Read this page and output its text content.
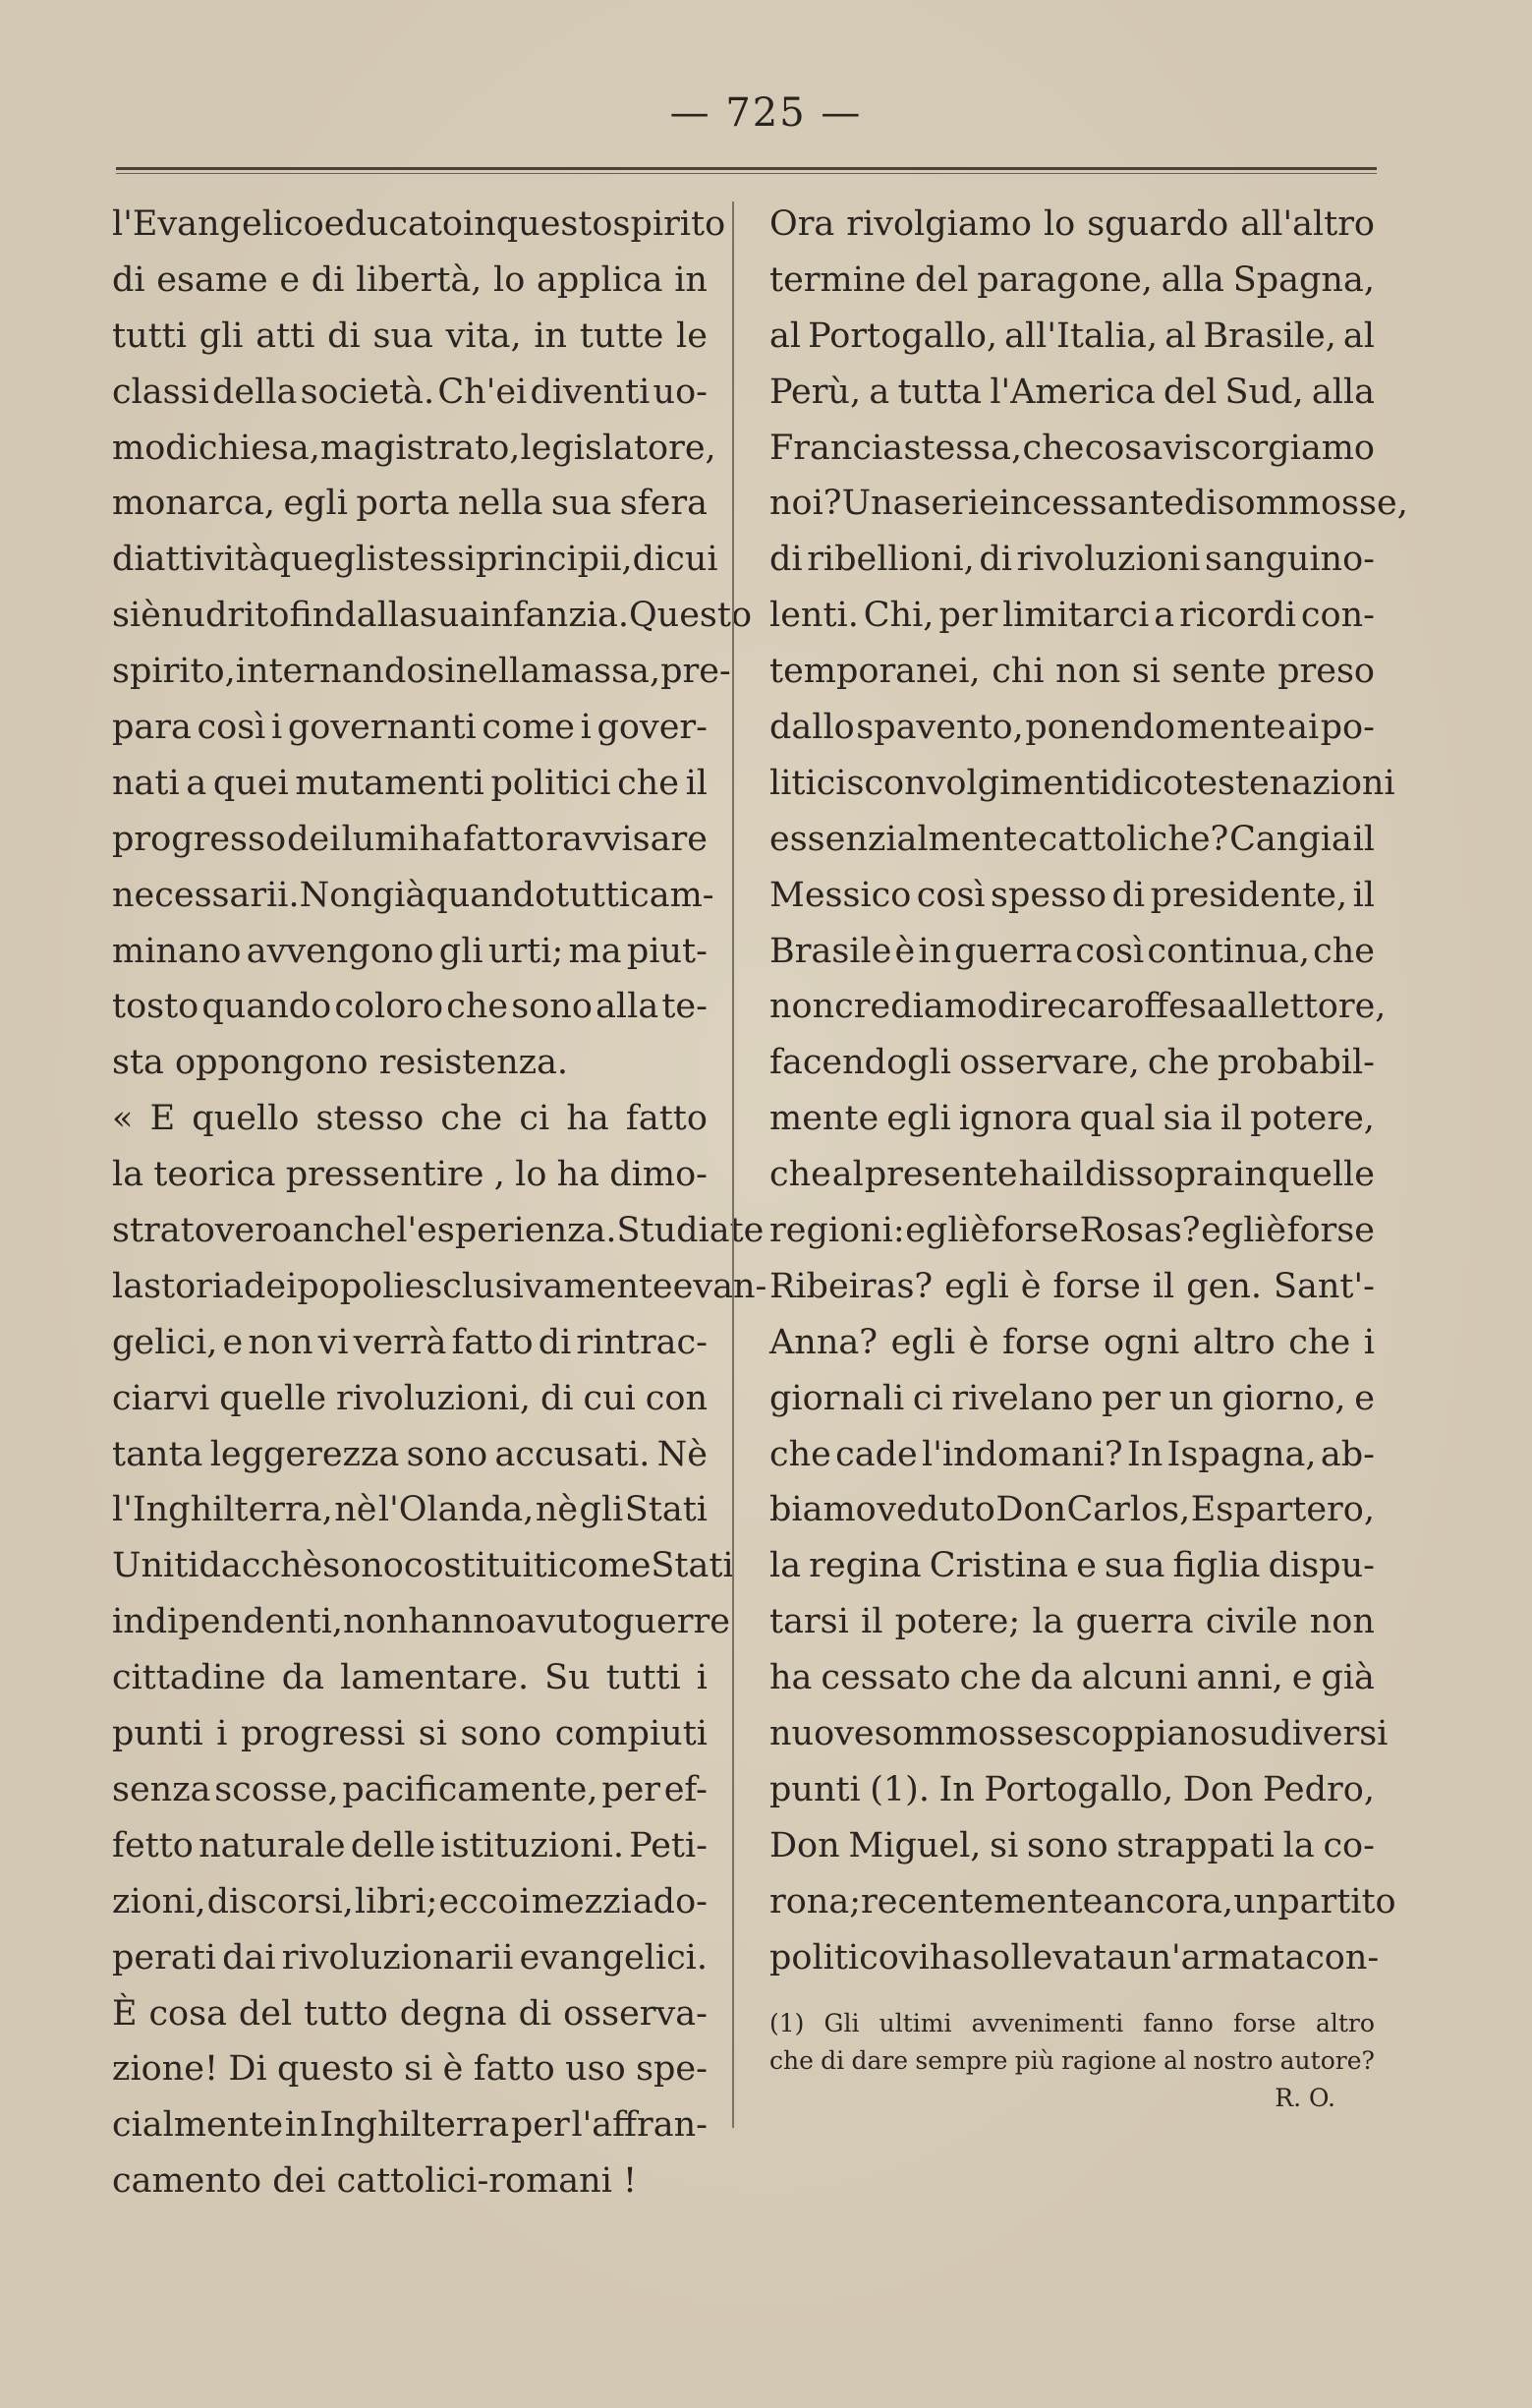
— 725 —
l'Evangelico educato in questo spirito
di esame e di libertà, lo applica in
tutti gli atti di sua vita, in tutte le
classi della società. Ch'ei diventi uo-
mo di chiesa, magistrato, legislatore,
monarca, egli porta nella sua sfera
di attività quegli stessi principii, di cui
si è nudrito fin dalla sua infanzia. Questo
spirito, internandosi nella massa, pre-
para così i governanti come i gover-
nati a quei mutamenti politici che il
progresso dei lumi ha fatto ravvisare
necessarii. Non già quando tutti cam-
minano avvengono gli urti; ma piut-
tosto quando coloro che sono alla te-
sta oppongono resistenza.
« E quello stesso che ci ha fatto
la teorica pressentire , lo ha dimo-
strato vero anche l'esperienza. Studiate
la storia dei popoli esclusivamente evan-
gelici, e non vi verrà fatto di rintrac-
ciarvi quelle rivoluzioni, di cui con
tanta leggerezza sono accusati. Nè
l'Inghilterra, nè l'Olanda, nè gli Stati
Uniti dacchè sono costituiti come Stati
indipendenti, non hanno avuto guerre
cittadine da lamentare. Su tutti i
punti i progressi si sono compiuti
senza scosse, pacificamente, per ef-
fetto naturale delle istituzioni. Peti-
zioni, discorsi, libri; ecco i mezzi ado-
perati dai rivoluzionarii evangelici.
È cosa del tutto degna di osserva-
zione! Di questo si è fatto uso spe-
cialmente in Inghilterra per l'affran-
camento dei cattolici-romani !
Ora rivolgiamo lo sguardo all'altro
termine del paragone, alla Spagna,
al Portogallo, all'Italia, al Brasile, al
Perù, a tutta l'America del Sud, alla
Francia stessa, che cosa vi scorgiamo
noi? Una serie incessante di sommosse,
di ribellioni, di rivoluzioni sanguino-
lenti. Chi, per limitarci a ricordi con-
temporanei, chi non si sente preso
dallo spavento, ponendo mente ai po-
litici sconvolgimenti di coteste nazioni
essenzialmente cattoliche? Cangia il
Messico così spesso di presidente, il
Brasile è in guerra così continua, che
non crediamo di recar offesa al lettore,
facendogli osservare, che probabil-
mente egli ignora qual sia il potere,
che al presente ha il dissopra in quelle
regioni: egli è forse Rosas? egli è forse
Ribeiras? egli è forse il gen. Sant'-
Anna? egli è forse ogni altro che i
giornali ci rivelano per un giorno, e
che cade l'indomani? In Ispagna, ab-
biamo veduto Don Carlos, Espartero,
la regina Cristina e sua figlia dispu-
tarsi il potere; la guerra civile non
ha cessato che da alcuni anni, e già
nuove sommosse scoppiano su diversi
punti (1). In Portogallo, Don Pedro,
Don Miguel, si sono strappati la co-
rona; recentemente ancora, un partito
politico vi ha sollevata un'armata con-
(1) Gli ultimi avvenimenti fanno forse altro
che di dare sempre più ragione al nostro autore?
R. O.
